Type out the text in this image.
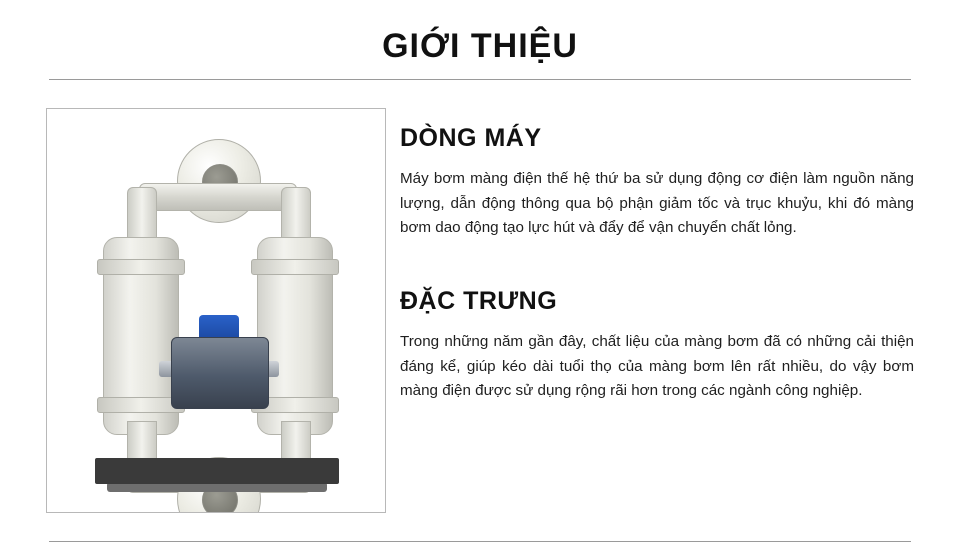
GIỚI THIỆU
DÒNG MÁY

Máy bơm màng điện thế hệ thứ ba sử dụng động cơ điện làm nguồn năng lượng, dẫn động thông qua bộ phận giảm tốc và trục khuỷu, khi đó màng bơm dao động tạo lực hút và đẩy để vận chuyển chất lỏng.

ĐẶC TRƯNG

Trong những năm gần đây, chất liệu của màng bơm đã có những cải thiện đáng kể, giúp kéo dài tuổi thọ của màng bơm lên rất nhiều, do vậy bơm màng điện được sử dụng rộng rãi hơn trong các ngành công nghiệp.
